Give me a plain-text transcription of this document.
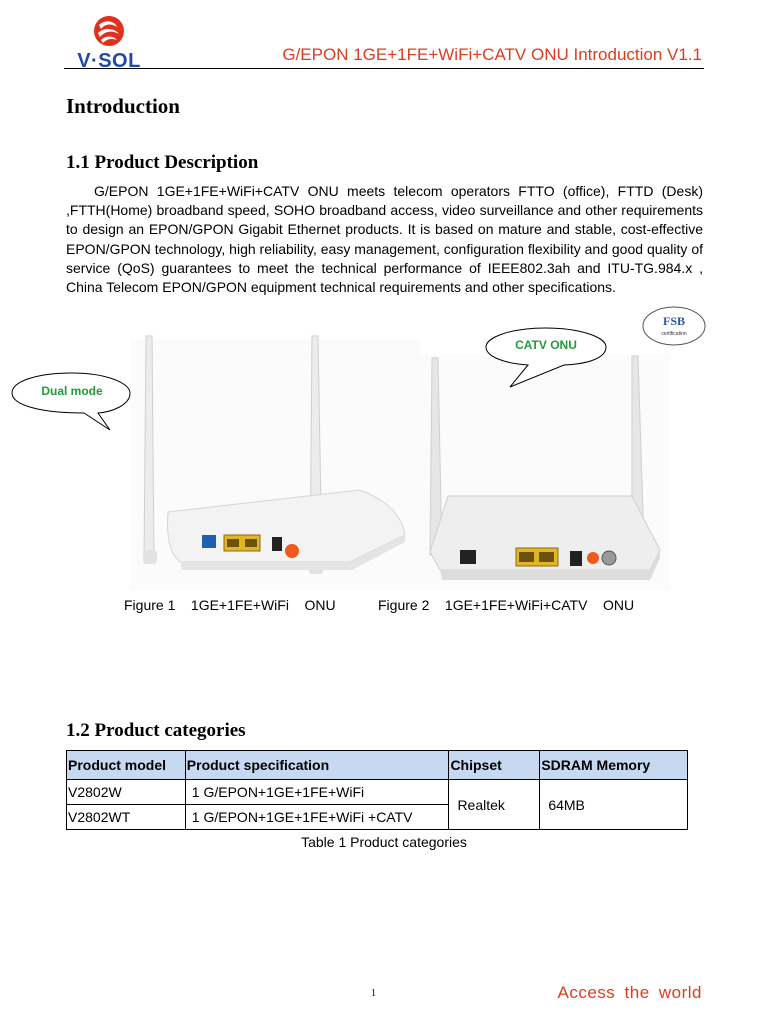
V·SOL	G/EPON 1GE+1FE+WiFi+CATV ONU Introduction V1.1
Introduction
1.1 Product Description

G/EPON 1GE+1FE+WiFi+CATV ONU meets telecom operators FTTO (office), FTTD (Desk) ,FTTH(Home) broadband speed, SOHO broadband access, video surveillance and other requirements to design an EPON/GPON Gigabit Ethernet products. It is based on mature and stable, cost-effective EPON/GPON technology, high reliability, easy management, configuration flexibility and good quality of service (QoS) guarantees to meet the technical performance of IEEE802.3ah and ITU-TG.984.x , China Telecom EPON/GPON equipment technical requirements and other specifications.

Dual mode
CATV ONU
FSB
certification
Figure 1    1GE+1FE+WiFi    ONU	Figure 2    1GE+1FE+WiFi+CATV    ONU
1.2 Product categories
Product model	Product specification	Chipset	SDRAM Memory
V2802W	1 G/EPON+1GE+1FE+WiFi	Realtek	64MB
V2802WT	1 G/EPON+1GE+1FE+WiFi +CATV		
Table 1 Product categories
1	Access the world
